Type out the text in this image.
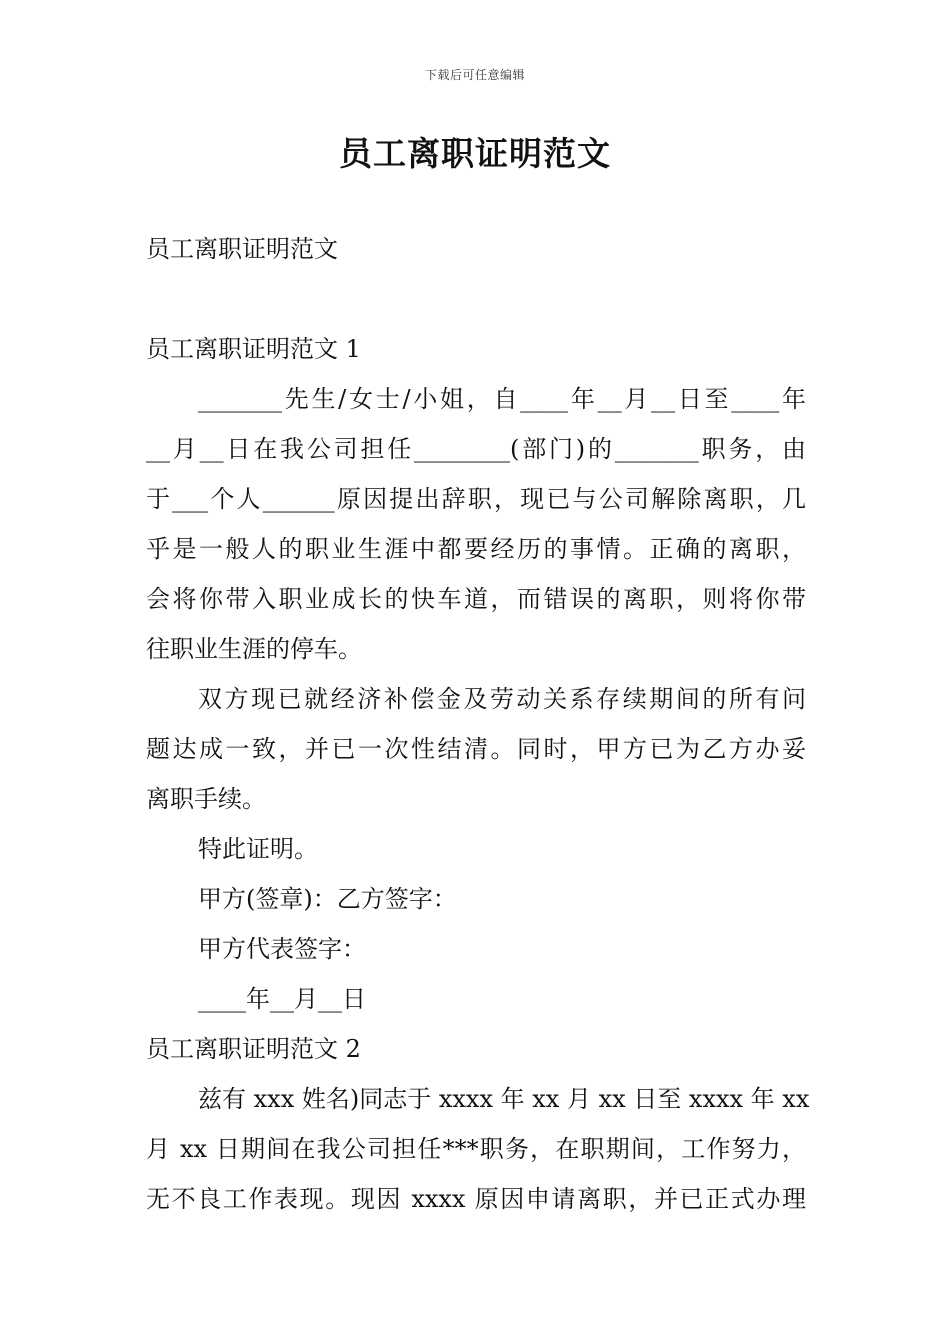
下载后可任意编辑
员工离职证明范文
员工离职证明范文
员工离职证明范文 1
_______先生/女士/小姐，自____年__月__日至____年
__月__日在我公司担任________(部门)的_______职务，由
于___个人______原因提出辞职，现已与公司解除离职，几
乎是一般人的职业生涯中都要经历的事情。正确的离职，
会将你带入职业成长的快车道，而错误的离职，则将你带
往职业生涯的停车。
双方现已就经济补偿金及劳动关系存续期间的所有问
题达成一致，并已一次性结清。同时，甲方已为乙方办妥
离职手续。
特此证明。
甲方(签章)：乙方签字：
甲方代表签字：
____年__月__日
员工离职证明范文 2
兹有 xxx 姓名)同志于 xxxx 年 xx 月 xx 日至 xxxx 年 xx
月 xx 日期间在我公司担任***职务，在职期间，工作努力，
无不良工作表现。现因 xxxx 原因申请离职，并已正式办理
